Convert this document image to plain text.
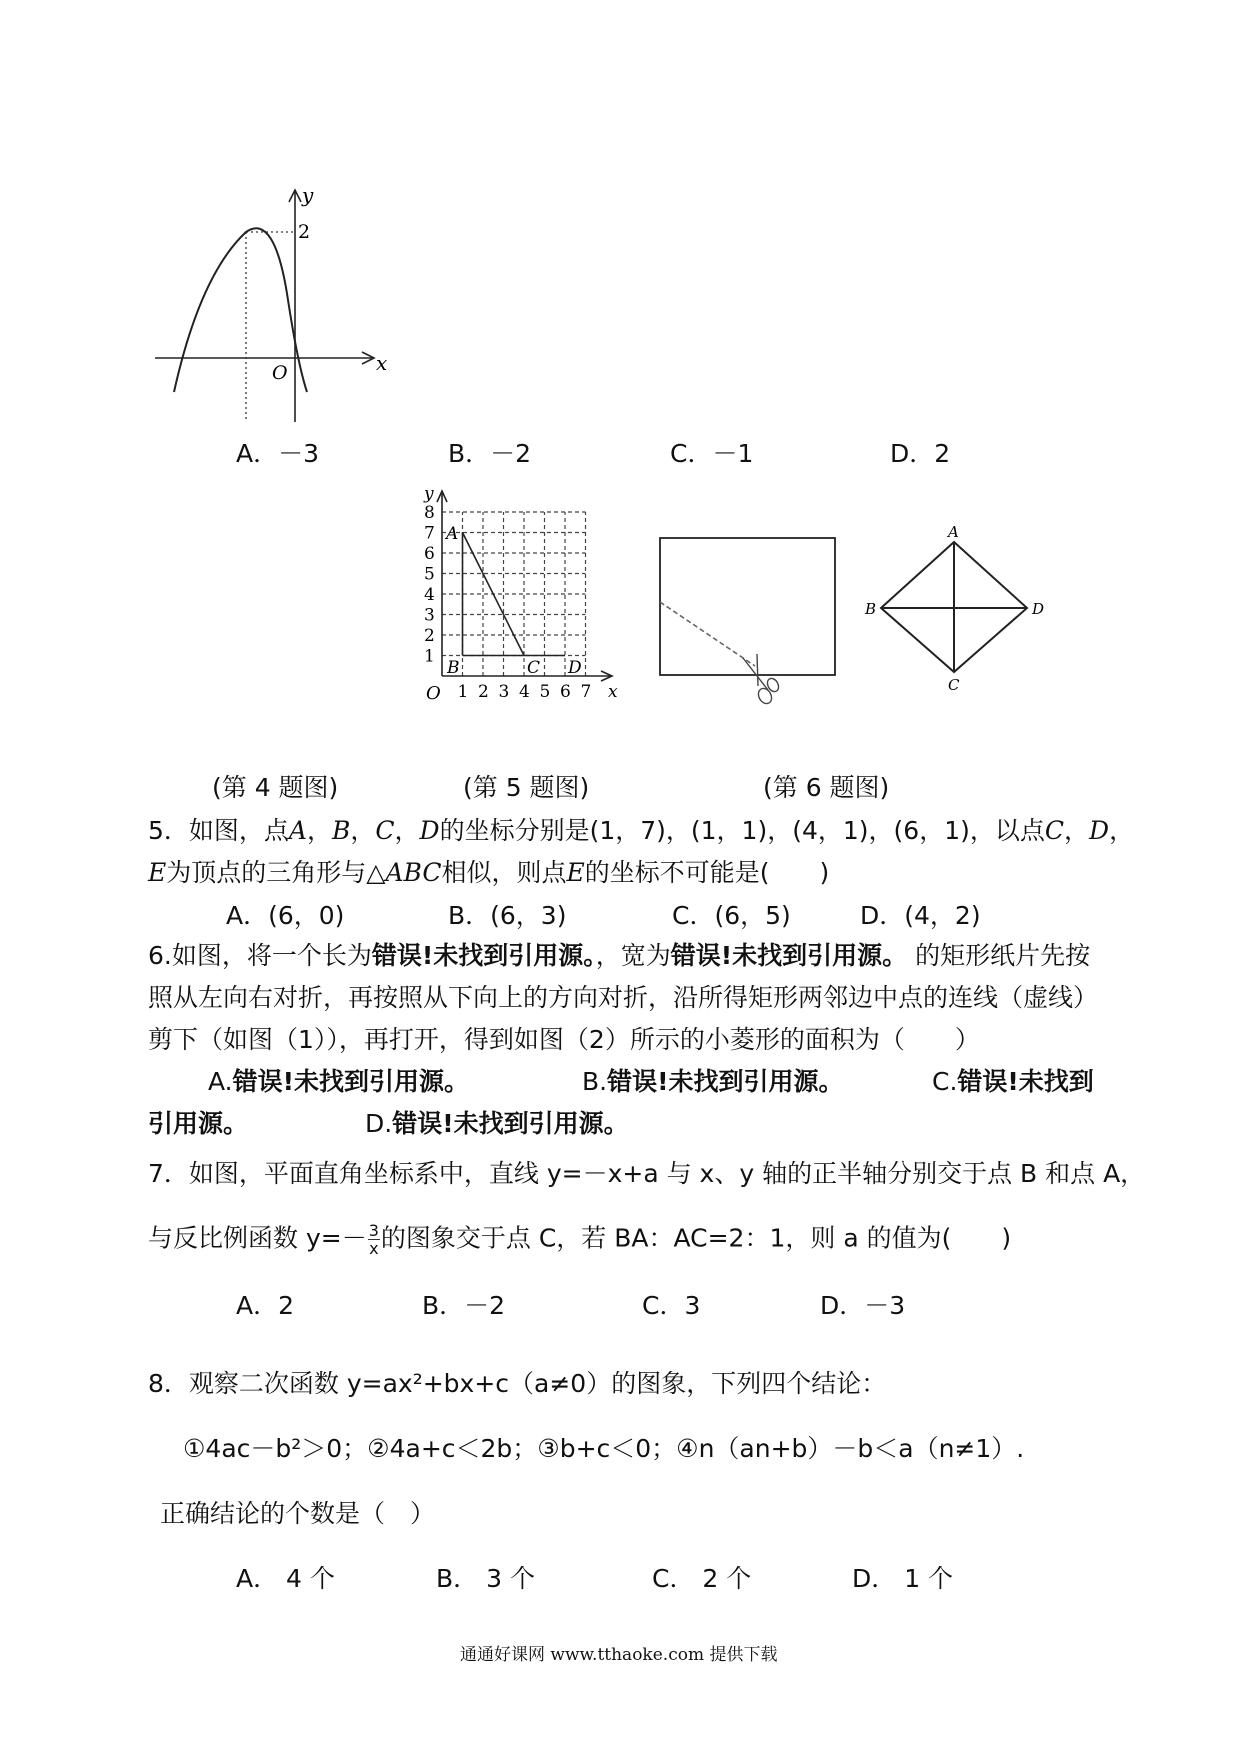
y
x
O
2
A．－3	B．－2	C．－1	D．2
1
2
3
4
5
6
7
8
1 2 3 4 5 6 7
y
x
O
A
B	C D
A
B
C
D
(第 4 题图)	(第 5 题图)	(第 6 题图)
5．如图，点A，B，C，D的坐标分别是(1，7)，(1，1)，(4，1)，(6，1)，以点C，D，
E为顶点的三角形与△ABC相似，则点E的坐标不可能是(　　)
A．(6，0)	B．(6，3)	C．(6，5)	D．(4，2)
6.如图，将一个长为错误!未找到引用源。，宽为错误!未找到引用源。 的矩形纸片先按
照从左向右对折，再按照从下向上的方向对折，沿所得矩形两邻边中点的连线（虚线）
剪下（如图（1）），再打开，得到如图（2）所示的小菱形的面积为（　　）
A.错误!未找到引用源。	B.错误!未找到引用源。	C.错误!未找到
引用源。	D.错误!未找到引用源。
7．如图，平面直角坐标系中，直线 y=－x+a 与 x、y 轴的正半轴分别交于点 B 和点 A，
与反比例函数 $y=- \frac{3}{x}$ 的图象交于点 C，若 BA：AC=2：1，则 a 的值为(　　)
A．2	B．－2	C．3	D．－3
8．观察二次函数 y=ax²+bx+c（a≠0）的图象，下列四个结论：
①4ac－b²＞0；②4a+c＜2b；③b+c＜0；④n（an+b）－b＜a（n≠1）.
正确结论的个数是（　）
A． 4 个	B． 3 个	C． 2 个	D． 1 个
通通好课网 www.tthaoke.com 提供下载
